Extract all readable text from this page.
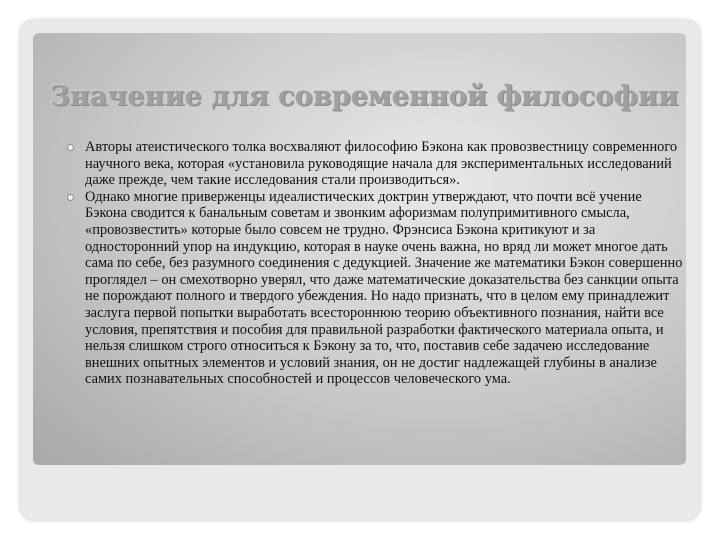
Значение для современной философии
Авторы атеистического толка восхваляют философию Бэкона как провозвестницу современного научного века, которая «установила руководящие начала для экспериментальных исследований даже прежде, чем такие исследования стали производиться».
Однако многие приверженцы идеалистических доктрин утверждают, что почти всё учение Бэкона сводится к банальным советам и звонким афоризмам полупримитивного смысла, «провозвестить» которые было совсем не трудно. Фрэнсиса Бэкона критикуют и за односторонний упор на индукцию, которая в науке очень важна, но вряд ли может многое дать сама по себе, без разумного соединения с дедукцией. Значение же математики Бэкон совершенно проглядел – он смехотворно уверял, что даже математические доказательства без санкции опыта не порождают полного и твердого убеждения. Но надо признать, что в целом ему принадлежит заслуга первой попытки выработать всестороннюю теорию объективного познания, найти все условия, препятствия и пособия для правильной разработки фактического материала опыта, и нельзя слишком строго относиться к Бэкону за то, что, поставив себе задачею исследование внешних опытных элементов и условий знания, он не достиг надлежащей глубины в анализе самих познавательных способностей и процессов человеческого ума.
